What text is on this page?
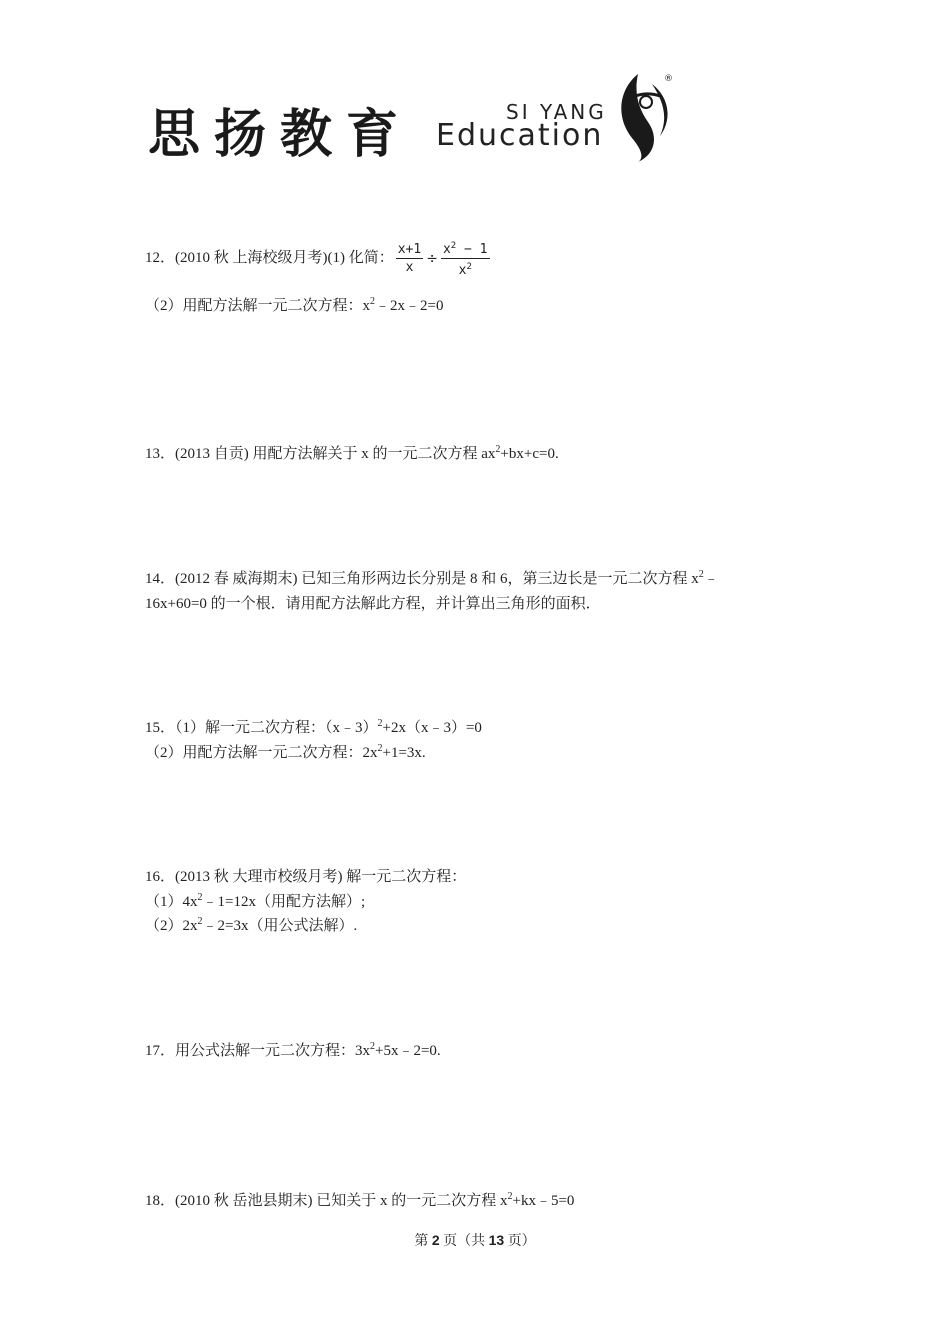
思扬教育	SI YANG
Education
®
12．(2010 秋 上海校级月考)(1) 化简： $\frac{x+1}{x} \div \frac{x^2 - 1}{x^2}$
（2）用配方法解一元二次方程：$x^2﹣2x﹣2=0$
13．(2013 自贡) 用配方法解关于 x 的一元二次方程 $ax^2+bx+c=0$.
14．(2012 春 威海期末) 已知三角形两边长分别是 8 和 6，第三边长是一元二次方程 $x^2﹣$
16x+60=0 的一个根．请用配方法解此方程，并计算出三角形的面积．
15．（1）解一元二次方程：（x﹣3）$^2$+2x（x﹣3）=0
（2）用配方法解一元二次方程：$2x^2+1=3x$.
16．(2013 秋 大理市校级月考) 解一元二次方程：
$(1)4x^2﹣1=12x$（用配方法解）;
$(2)2x^2﹣2=3x$（用公式法解）.
17．用公式法解一元二次方程：$3x^2+5x﹣2=0$.
18．(2010 秋 岳池县期末) 已知关于 x 的一元二次方程 $x^2+kx﹣5=0$
第 2 页（共 13 页）
